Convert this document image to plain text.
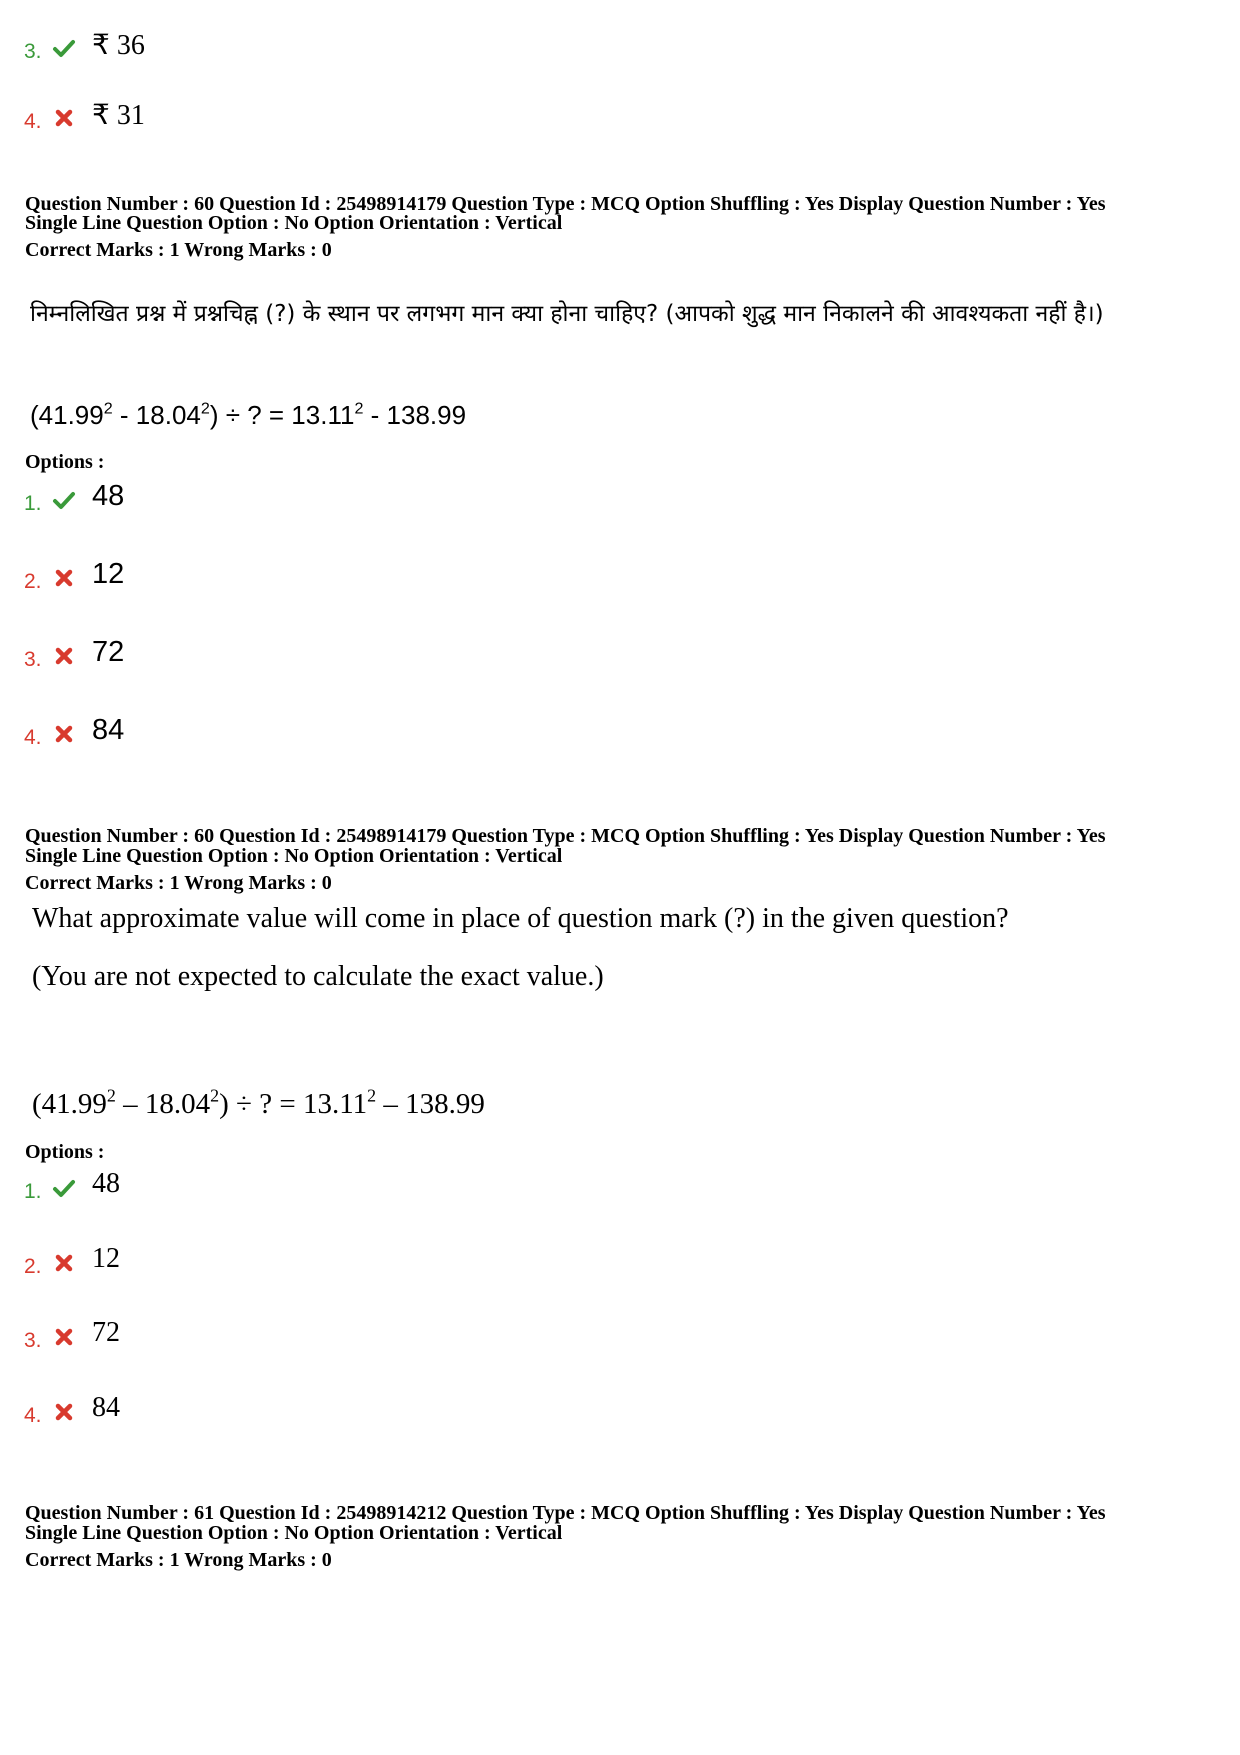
3. ₹ 36
4. ₹ 31
Question Number : 60 Question Id : 25498914179 Question Type : MCQ Option Shuffling : Yes Display Question Number : Yes
Single Line Question Option : No Option Orientation : Vertical
Correct Marks : 1 Wrong Marks : 0
निम्नलिखित प्रश्न में प्रश्नचिह्न (?) के स्थान पर लगभग मान क्या होना चाहिए? (आपको शुद्ध मान निकालने की आवश्यकता नहीं है।)
$(41.99^2 - 18.04^2)$ ÷ ? = $13.11^2 - 138.99$
Options :
1. 48
2. 12
3. 72
4. 84
Question Number : 60 Question Id : 25498914179 Question Type : MCQ Option Shuffling : Yes Display Question Number : Yes
Single Line Question Option : No Option Orientation : Vertical
Correct Marks : 1 Wrong Marks : 0
What approximate value will come in place of question mark (?) in the given question?
(You are not expected to calculate the exact value.)
$(41.99^2 - 18.04^2)$ ÷ ? = $13.11^2 - 138.99$
Options :
1. 48
2. 12
3. 72
4. 84
Question Number : 61 Question Id : 25498914212 Question Type : MCQ Option Shuffling : Yes Display Question Number : Yes
Single Line Question Option : No Option Orientation : Vertical
Correct Marks : 1 Wrong Marks : 0
